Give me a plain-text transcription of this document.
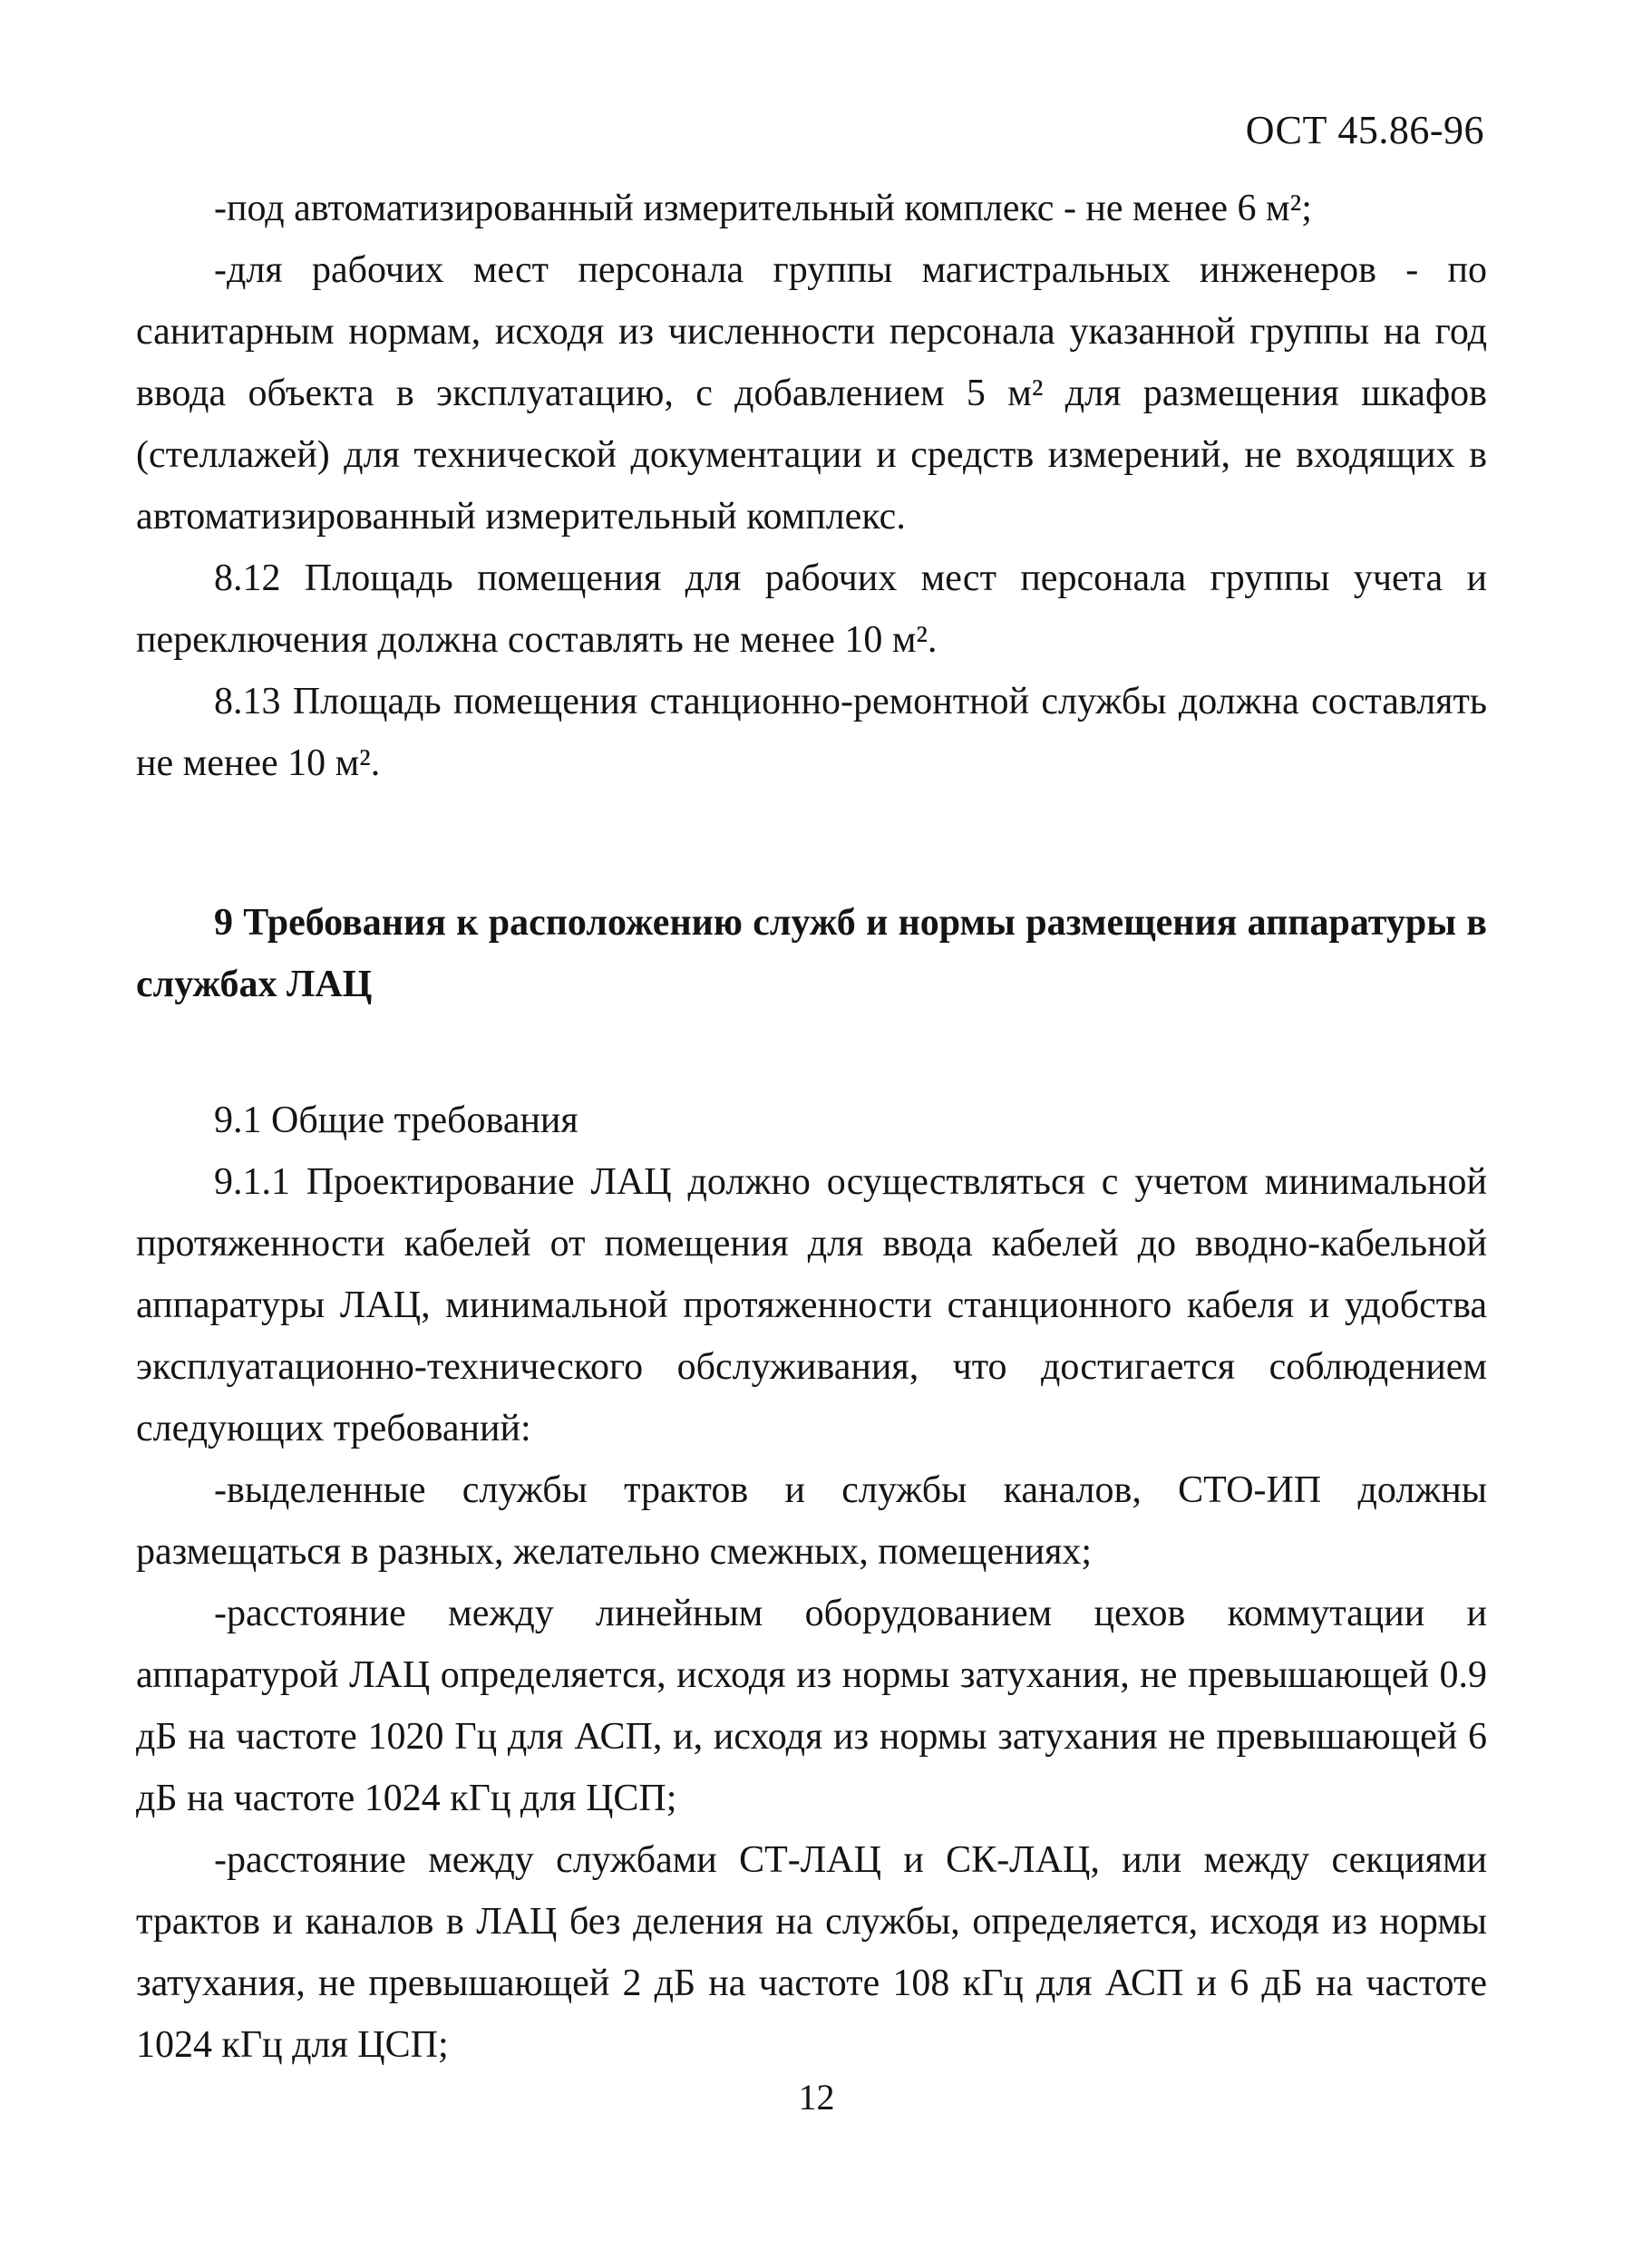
ОСТ 45.86-96

-под автоматизированный измерительный комплекс - не менее 6 м²;

-для рабочих мест персонала группы магистральных инженеров - по санитарным нормам, исходя из численности персонала указанной группы на год ввода объекта в эксплуатацию, с добавлением 5 м² для размещения шкафов (стеллажей) для технической документации и средств измерений, не входящих в автоматизированный измерительный комплекс.

8.12 Площадь помещения для рабочих мест персонала группы учета и переключения должна составлять не менее 10 м².

8.13 Площадь помещения станционно-ремонтной службы должна составлять не менее 10 м².

9 Требования к расположению служб и нормы размещения аппаратуры в службах ЛАЦ

9.1 Общие требования

9.1.1 Проектирование ЛАЦ должно осуществляться с учетом минимальной протяженности кабелей от помещения для ввода кабелей до вводно-кабельной аппаратуры ЛАЦ, минимальной протяженности станционного кабеля и удобства эксплуатационно-технического обслуживания, что достигается соблюдением следующих требований:

-выделенные службы трактов и службы каналов, СТО-ИП должны размещаться в разных, желательно смежных, помещениях;

-расстояние между линейным оборудованием цехов коммутации и аппаратурой ЛАЦ определяется, исходя из нормы затухания, не превышающей 0.9 дБ на частоте 1020 Гц для АСП, и, исходя из нормы затухания не превышающей 6 дБ на частоте 1024 кГц для ЦСП;

-расстояние между службами СТ-ЛАЦ и СК-ЛАЦ, или между секциями трактов и каналов в ЛАЦ без деления на службы, определяется, исходя из нормы затухания, не превышающей 2 дБ на частоте 108 кГц для АСП и 6 дБ на частоте 1024 кГц для ЦСП;

12
